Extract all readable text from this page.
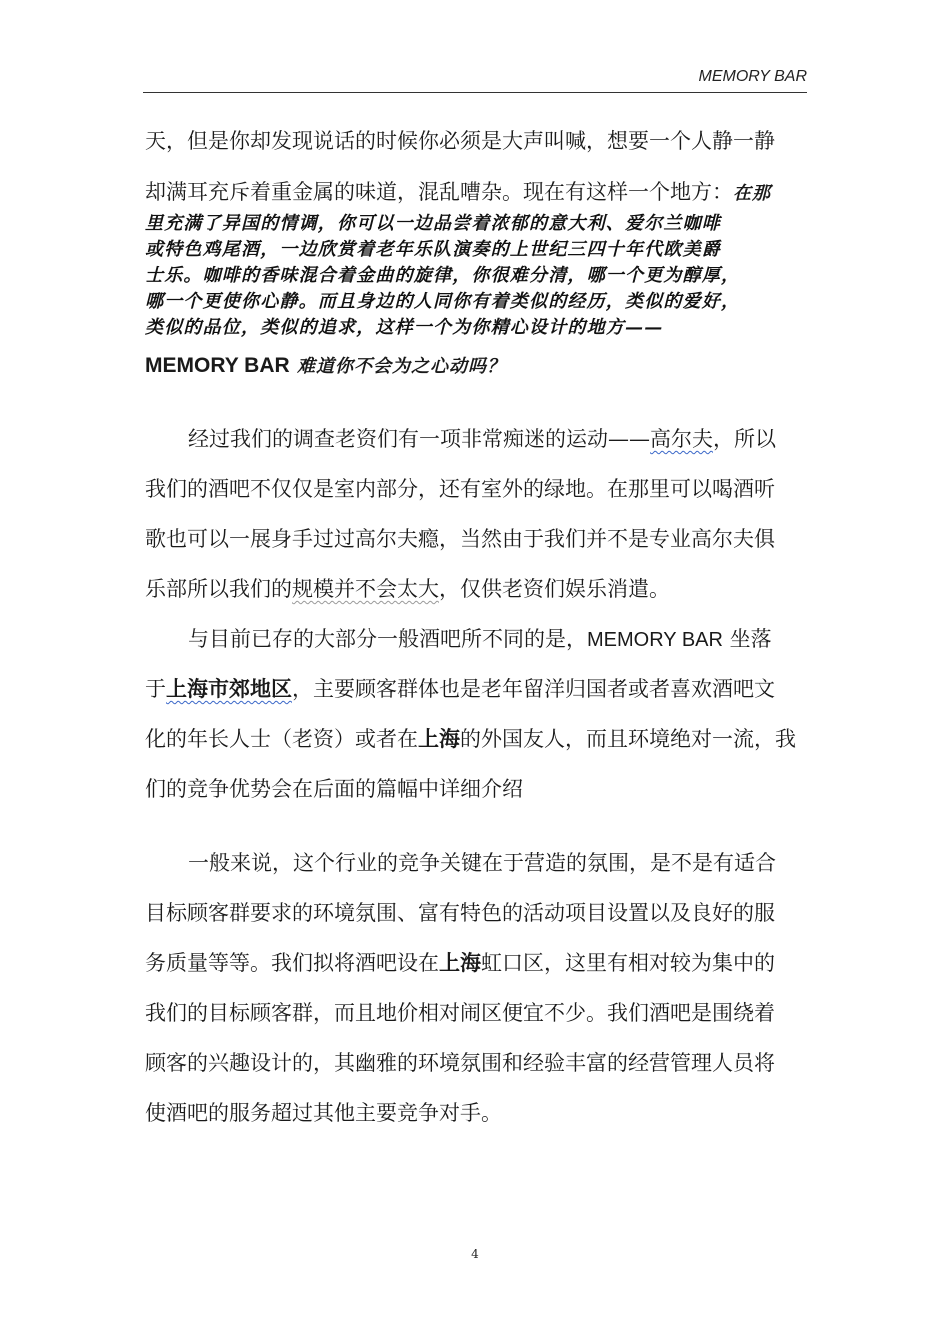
MEMORY BAR
天，但是你却发现说话的时候你必须是大声叫喊，想要一个人静一静
却满耳充斥着重金属的味道，混乱嘈杂。现在有这样一个地方：在那
里充满了异国的情调，你可以一边品尝着浓郁的意大利、爱尔兰咖啡
或特色鸡尾酒，一边欣赏着老年乐队演奏的上世纪三四十年代欧美爵
士乐。咖啡的香味混合着金曲的旋律，你很难分清，哪一个更为醇厚，
哪一个更使你心静。而且身边的人同你有着类似的经历，类似的爱好，
类似的品位，类似的追求，这样一个为你精心设计的地方——
MEMORY BAR 难道你不会为之心动吗？
经过我们的调查老资们有一项非常痴迷的运动——高尔夫，所以
我们的酒吧不仅仅是室内部分，还有室外的绿地。在那里可以喝酒听
歌也可以一展身手过过高尔夫瘾，当然由于我们并不是专业高尔夫俱
乐部所以我们的规模并不会太大，仅供老资们娱乐消遣。
与目前已存的大部分一般酒吧所不同的是，MEMORY BAR 坐落
于上海市郊地区，主要顾客群体也是老年留洋归国者或者喜欢酒吧文
化的年长人士（老资）或者在上海的外国友人，而且环境绝对一流，我
们的竞争优势会在后面的篇幅中详细介绍
一般来说，这个行业的竞争关键在于营造的氛围，是不是有适合
目标顾客群要求的环境氛围、富有特色的活动项目设置以及良好的服
务质量等等。我们拟将酒吧设在上海虹口区，这里有相对较为集中的
我们的目标顾客群，而且地价相对闹区便宜不少。我们酒吧是围绕着
顾客的兴趣设计的，其幽雅的环境氛围和经验丰富的经营管理人员将
使酒吧的服务超过其他主要竞争对手。
4
